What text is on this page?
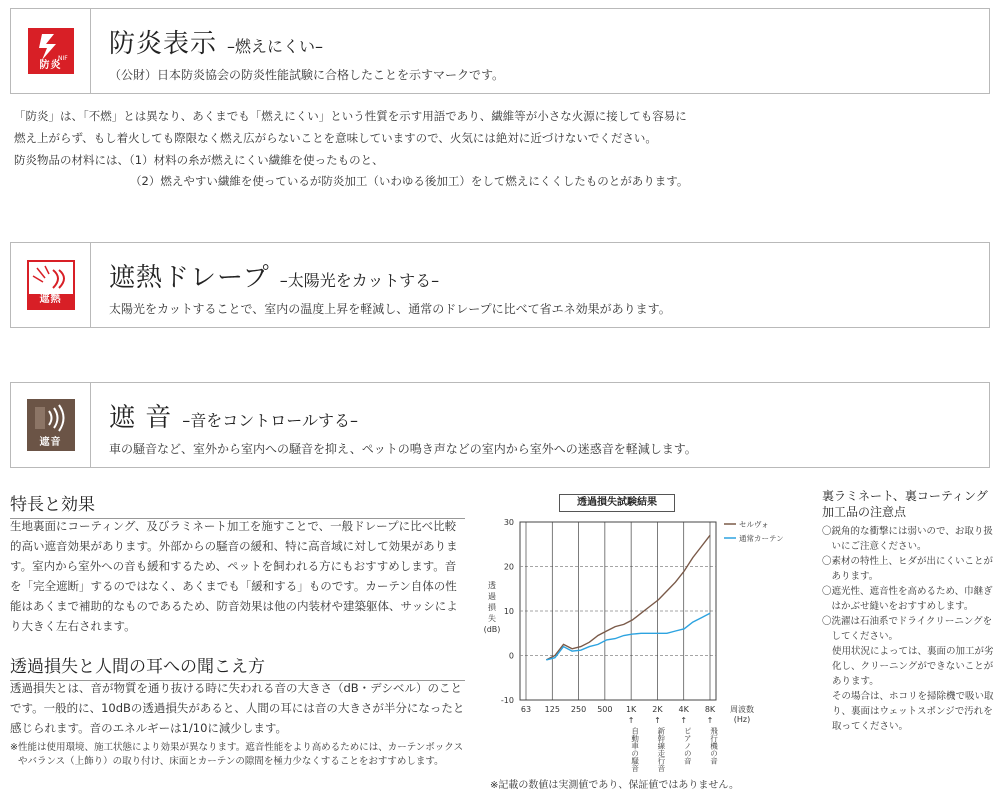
NIF
防炎
防炎表示 –燃えにくい–
（公財）日本防炎協会の防炎性能試験に合格したことを示すマークです。
「防炎」は、「不燃」とは異なり、あくまでも「燃えにくい」という性質を示す用語であり、繊維等が小さな火源に接しても容易に
燃え上がらず、もし着火しても際限なく燃え広がらないことを意味していますので、火気には絶対に近づけないでください。
防炎物品の材料には、（1）材料の糸が燃えにくい繊維を使ったものと、
（2）燃えやすい繊維を使っているが防炎加工（いわゆる後加工）をして燃えにくくしたものとがあります。
遮熱
遮熱ドレープ –太陽光をカットする–
太陽光をカットすることで、室内の温度上昇を軽減し、通常のドレープに比べて省エネ効果があります。
遮音
遮 音 –音をコントロールする–
車の騒音など、室外から室内への騒音を抑え、ペットの鳴き声などの室内から室外への迷惑音を軽減します。
特長と効果
生地裏面にコーティング、及びラミネート加工を施すことで、一般ドレープに比べ比較的高い遮音効果があります。外部からの騒音の緩和、特に高音域に対して効果があります。室内から室外への音も緩和するため、ペットを飼われる方にもおすすめします。音を「完全遮断」するのではなく、あくまでも「緩和する」ものです。カーテン自体の性能はあくまで補助的なものであるため、防音効果は他の内装材や建築躯体、サッシにより大きく左右されます。
透過損失と人間の耳への聞こえ方
透過損失とは、音が物質を通り抜ける時に失われる音の大きさ（dB・デシベル）のことです。一般的に、10dBの透過損失があると、人間の耳には音の大きさが半分になったと感じられます。音のエネルギーは1/10に減少します。
※ 性能は使用環境、施工状態により効果が異なります。遮音性能をより高めるためには、カーテンボックスやバランス（上飾り）の取り付け、床面とカーテンの隙間を極力少なくすることをおすすめします。
透過損失試験結果
30
20
10
0
-10
63 125 250 500 1K 2K 4K 8K
透
過
損
失
(dB)
周波数
(Hz)
セルヴォ
通常カーテン
↑
自動車の騒音
↑
新幹線走行音
↑
ピアノの音
↑
飛行機の音
※記載の数値は実測値であり、保証値ではありません。
裏ラミネート、裏コーティング加工品の注意点
〇 鋭角的な衝撃には弱いので、お取り扱いにご注意ください。
〇 素材の特性上、ヒダが出にくいことがあります。
〇 遮光性、遮音性を高めるため、巾継ぎはかぶせ縫いをおすすめします。
〇 洗濯は石油系でドライクリーニングをしてください。
使用状況によっては、裏面の加工が劣化し、クリーニングができないことがあります。
その場合は、ホコリを掃除機で吸い取り、裏面はウェットスポンジで汚れを取ってください。
